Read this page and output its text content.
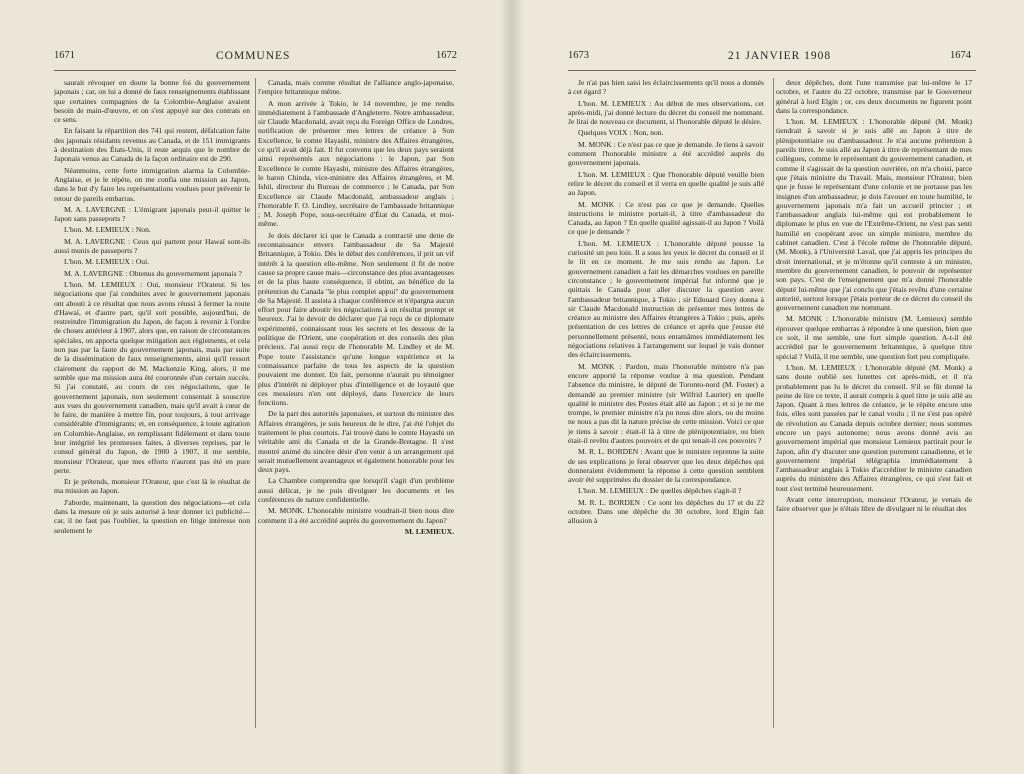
1671	COMMUNES	1672

saurait révoquer en doute la bonne foi du gouvernement japonais ; car, on lui a donné de faux renseignements établissant que certaines compagnies de la Colombie-Anglaise avaient besoin de main-d'œuvre, et on s'est appuyé sur des contrats en ce sens.

En faisant la répartition des 741 qui restent, défalcation faite des japonais résidants revenus au Canada, et de 151 immigrants à destination des États-Unis, il reste aequis que le nombre de Japonais venus au Canada de la façon ordinaire est de 290.

Néanmoins, cette forte immigration alarma la Colombie-Anglaise, et je le répète, on me confia une mission au Japon, dans le but d'y faire les représentations voulues pour prévenir le retour de pareils embarras.

M. A. LAVERGNE : L'émigrant japonais peut-il quitter le Japon sans passeports ?

L'hon. M. LEMIEUX : Non.

M. A. LAVERGNE : Ceux qui partent pour Hawaï sont-ils aussi munis de passeports ?

L'hon. M. LEMIEUX : Oui.

M. A. LAVERGNE : Obtenus du gouvernement japonais ?

L'hon. M. LEMIEUX : Oui, monsieur l'Orateur. Si les négociations que j'ai conduites avec le gouvernement japonais ont abouti à ce résultat que nous avons réussi à fermer la route d'Hawaï, et d'autre part, qu'il soit possible, aujourd'hui, de restreindre l'immigration du Japon, de façon à revenir à l'ordre de choses antérieur à 1907, alors que, en raison de circonstances spéciales, on apporta quelque mitigation aux règlements, et cela non pas par la faute du gouvernement japonais, mais par suite de la dissémination de faux renseignements, ainsi qu'il ressort clairement du rapport de M. Mackenzie King, alors, il me semble que ma mission aura été couronnée d'un certain succès. Si j'ai constaté, au cours de ces négociations, que le gouvernement japonais, non seulement consentait à souscrire aux vues du gouvernement canadien, mais qu'il avait à cœur de le faire, de manière à mettre fin, pour toujours, à tout arrivage considérable d'immigrants; et, en conséquence, à toute agitation en Colombie-Anglaise, en remplissant fidèlement et dans toute leur intégrité les promesses faites, à diverses reprises, par le consul général du Japon, de 1900 à 1907, il me semble, monsieur l'Orateur, que mes efforts n'auront pas été en pure perte.

Et je prétends, monsieur l'Orateur, que c'est là le résultat de ma mission au Japon.

J'aborde, maintenant, la question des négociations—et cela dans la mesure où je suis autorisé à leur donner ici publicité—car, il ne faut pas l'oublier, la question en litige intéresse non seulement le

Canada, mais comme résultat de l'alliance anglo-japonaise, l'empire britannique même.

A mon arrivée à Tokio, le 14 novembre, je me rendis immédiatement à l'ambassade d'Angleterre. Notre ambassadeur, sir Claude Macdonald, avait reçu du Foreign Office de Londres, notification de présenter mes lettres de créance à Son Excellence, le comte Hayashi, ministre des Affaires étrangères, ce qu'il avait déjà fait. Il fut convenu que les deux pays seraient ainsi représentés aux négociations : le Japon, par Son Excellence le comte Hayashi, ministre des Affaires étrangères, le baron Chinda, vice-ministre des Affaires étrangères, et M. Ishii, directeur du Bureau de commerce ; le Canada, par Son Excellence sir Claude Macdonald, ambassadeur anglais ; l'honorable F. O. Lindley, secrétaire de l'ambassade britannique ; M. Joseph Pope, sous-secrétaire d'État du Canada, et moi-même.

Je dois déclarer ici que le Canada a contracté une dette de reconnaissance envers l'ambassadeur de Sa Majesté Britannique, à Tokio. Dès le début des conférences, il prit un vif intérêt à la question elle-même. Non seulement il fit de notre cause sa propre cause mais—circonstance des plus avantageuses et de la plus haute conséquence, il obtint, au bénéfice de la prétention du Canada "le plus complet appui" du gouvernement de Sa Majesté. Il assista à chaque conférence et n'épargna aucun effort pour faire aboutir les négociations à un résultat prompt et heureux. J'ai le devoir de déclarer que j'ai reçu de ce diplomate expérimenté, connaissant tous les secrets et les dessous de la politique de l'Orient, une coopération et des conseils des plus précieux. J'ai aussi reçu de l'honorable M. Lindley et de M. Pope toute l'assistance qu'une longue expérience et la connaissance parfaite de tous les aspects de la question pouvaient me donner. En fait, personne n'aurait pu témoigner plus d'intérêt ni déployer plus d'intelligence et de loyauté que ces messieurs n'en ont déployé, dans l'exercice de leurs fonctions.

De la part des autorités japonaises, et surtout du ministre des Affaires étrangères, je suis heureux de le dire, j'ai été l'objet du traitement le plus courtois. J'ai trouvé dans le comte Hayashi un véritable ami du Canada et de la Grande-Bretagne. Il s'est montré animé du sincère désir d'en venir à un arrangement qui serait mutuellement avantageux et également honorable pour les deux pays.

La Chambre comprendra que lorsqu'il s'agit d'un problème aussi délicat, je ne puis divulguer les documents et les conférences de nature confidentielle.

M. MONK. L'honorable ministre voudrait-il bien nous dire comment il a été accrédité auprès du gouvernement du Japon?

M. LEMIEUX.

1673	21 JANVIER 1908	1674

Je n'ai pas bien saisi les éclaircissements qu'il nous a donnés à cet égard ?

L'hon. M. LEMIEUX : Au début de mes observations, cet après-midi, j'ai donné lecture du décret du conseil me nommant. Je lirai de nouveau ce document, si l'honorable député le désire.

Quelques VOIX : Non, non.

M. MONK : Ce n'est pas ce que je demande. Je tiens à savoir comment l'honorable ministre a été accrédité auprès du gouvernement japonais.

L'hon. M. LEMIEUX : Que l'honorable député veuille bien relire le décret du conseil et il verra en quelle qualité je suis allé au Japon.

M. MONK : Ce n'est pas ce que je demande. Quelles instructions le ministre portait-il, à titre d'ambassadeur du Canada, au Japon ? En quelle qualité agissait-il au Japon ? Voilà ce que je demande ?

L'hon. M. LEMIEUX : L'honorable député pousse la curiosité un peu loin. Il a sous les yeux le décret du conseil et il le lit en ce moment. Je me suis rendu au Japon. Le gouvernement canadien a fait les démarches voulues en pareille circonstance ; le gouvernement impérial fut informé que je quittais le Canada pour aller discuter la question avec l'ambassadeur britannique, à Tokio ; sir Edouard Grey donna à sir Claude Macdonald instruction de présenter mes lettres de créance au ministre des Affaires étrangères à Tokio ; puis, après présentation de ces lettres de créance et après que j'eusse été personnellement présenté, nous entamâmes immédiatement les négociations relatives à l'arrangement sur lequel je vais donner des éclaircissements.

M. MONK : Pardon, mais l'honorable ministre n'a pas encore apporté la réponse voulue à ma question. Pendant l'absence du ministre, le député de Toronto-nord (M. Foster) a demandé au premier ministre (sir Wilfrid Laurier) en quelle qualité le ministre des Postes était allé au Japon ; et si je ne me trompe, le premier ministre n'a pu nous dire alors, ou du moins ne nous a pas dit la nature précise de cette mission. Voici ce que je tiens à savoir : était-il là à titre de plénipotentiaire, ou bien était-il revêtu d'autres pouvoirs et de qui tenait-il ces pouvoirs ?

M. R. L. BORDEN : Avant que le ministre reprenne la suite de ses explications je ferai observer que les deux dépêches qui donneraient évidemment la réponse à cette question semblent avoir été supprimées du dossier de la correspondance.

L'hon. M. LEMIEUX : De quelles dépêches s'agit-il ?

M. R. L. BORDEN : Ce sont les dépêches du 17 et du 22 octobre. Dans une dépêche du 30 octobre, lord Elgin fait allusion à

deux dépêches, dont l'une transmise par lui-même le 17 octobre, et l'autre du 22 octobre, transmise par le Gouverneur général à lord Elgin ; or, ces deux documents ne figurent point dans la correspondance.

L'hon. M. LEMIEUX : L'honorable député (M. Monk) tiendrait à savoir si je suis allé au Japon à titre de plénipotentiaire ou d'ambassadeur. Je n'ai aucune prétention à pareils titres. Je suis allé au Japon à titre de représentant de mes collègues, comme le représentant du gouvernement canadien, et comme il s'agissait de la question ouvrière, on m'a choisi, parce que j'étais ministre du Travail. Mais, monsieur l'Orateur, bien que je fusse le représentant d'une colonie et ne portasse pas les insignes d'un ambassadeur, je dois l'avouer en toute humilité, le gouvernement japonais m'a fait un accueil princier ; et l'ambassadeur anglais lui-même qui est probablement le diplomate le plus en vue de l'Extrême-Orient, ne s'est pas senti humilié en coopérant avec un simple ministre, membre du cabinet canadien. C'est à l'école même de l'honorable député, (M. Monk), à l'Université Laval, que j'ai appris les principes du droit international, et je m'étonne qu'il conteste à un ministre, membre du gouvernement canadien, le pouvoir de représenter son pays. C'est de l'enseignement que m'a donné l'honorable député lui-même que j'ai conclu que j'étais revêtu d'une certaine autorité, surtout lorsque j'étais porteur de ce décret du conseil du gouvernement canadien me nommant.

M. MONK : L'honorable ministre (M. Lemieux) semble éprouver quelque embarras à répondre à une question, bien que ce soit, il me semble, une fort simple question. A-t-il été accrédité par le gouvernement britannique, à quelque titre spécial ? Voilà, il me semble, une question fort peu compliquée.

L'hon. M. LEMIEUX : L'honorable député (M. Monk) a sans doute oublié ses lunettes cet après-midi, et il n'a probablement pas lu le décret du conseil. S'il se fût donné la peine de lire ce texte, il aurait compris à quel titre je suis allé au Japon. Quant à mes lettres de créance, je le répète encore une fois, elles sont passées par le canal voulu ; il ne s'est pas opéré de révolution au Canada depuis octobre dernier; nous sommes encore un pays autonome; nous avons donné avis au gouvernement impérial que monsieur Lemieux partirait pour le Japon, afin d'y discuter une question purement canadienne, et le gouvernement impérial télégraphia immédiatement à l'ambassadeur anglais à Tokio d'accréditer le ministre canadien auprès du ministère des Affaires étrangères, ce qui s'est fait et tout s'est terminé heureusement.

Avant cette interruption, monsieur l'Orateur, je venais de faire observer que je n'étais libre de divulguer ni le résultat des
